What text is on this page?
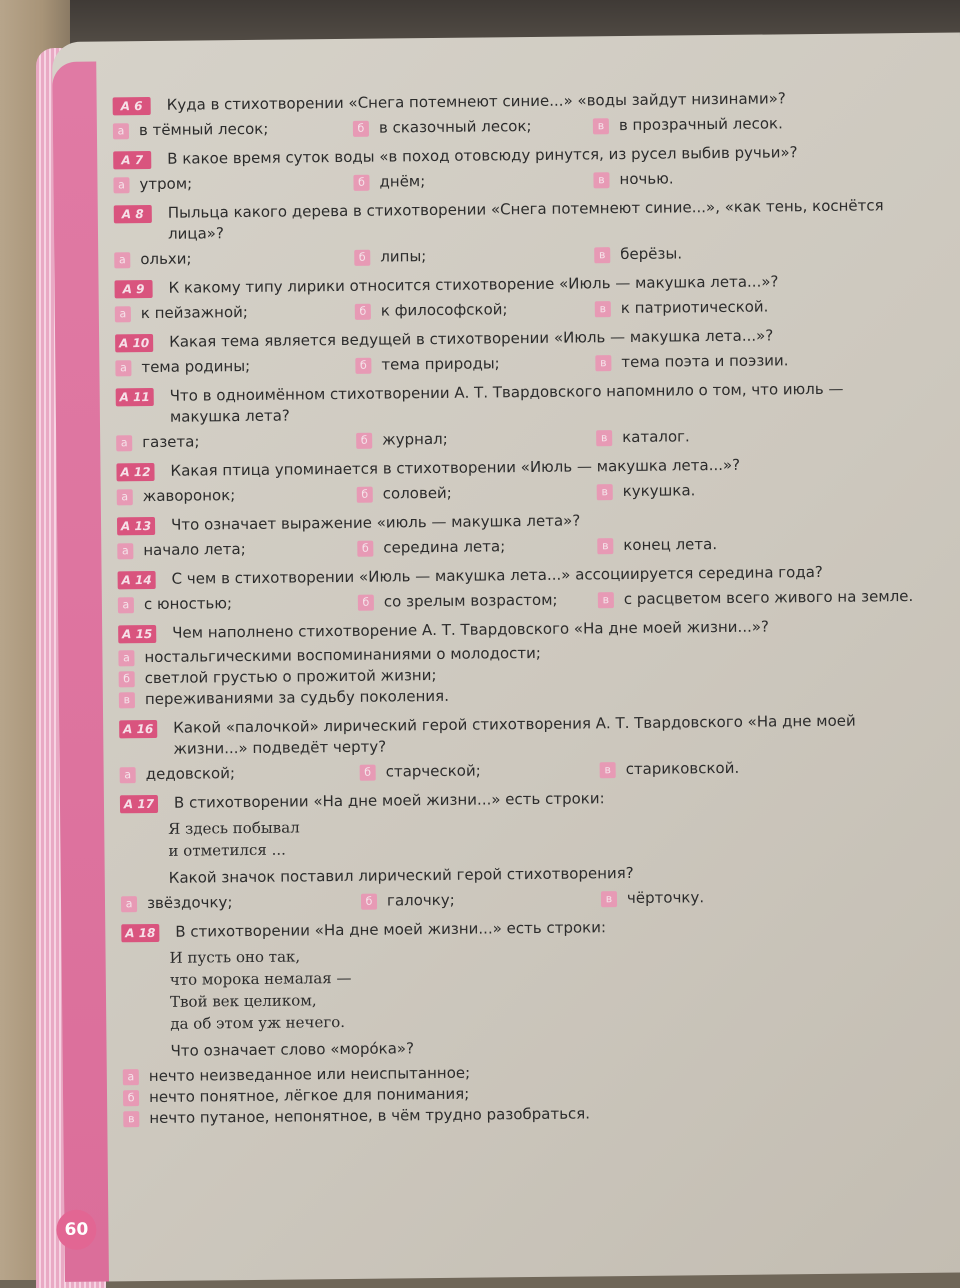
А 6	Куда в стихотворении «Снега потемнеют синие...» «воды зайдут низинами»?
а в тёмный лесок;	б в сказочный лесок;	в в прозрачный лесок.
А 7	В какое время суток воды «в поход отовсюду ринутся, из русел выбив ручьи»?
а утром;	б днём;	в ночью.
А 8	Пыльца какого дерева в стихотворении «Снега потемнеют синие...», «как тень, коснётся лица»?
а ольхи;	б липы;	в берёзы.
А 9	К какому типу лирики относится стихотворение «Июль — макушка лета...»?
а к пейзажной;	б к философской;	в к патриотической.
А 10 Какая тема является ведущей в стихотворении «Июль — макушка лета...»?
а тема родины;	б тема природы;	в тема поэта и поэзии.
А 11 Что в одноимённом стихотворении А. Т. Твардовского напомнило о том, что июль — макушка лета?
а газета;	б журнал;	в каталог.
А 12 Какая птица упоминается в стихотворении «Июль — макушка лета...»?
а жаворонок;	б соловей;	в кукушка.
А 13 Что означает выражение «июль — макушка лета»?
а начало лета;	б середина лета;	в конец лета.
А 14 С чем в стихотворении «Июль — макушка лета...» ассоциируется середина года?
а с юностью;	б со зрелым возрастом;	в с расцветом всего живого на земле.
А 15 Чем наполнено стихотворение А. Т. Твардовского «На дне моей жизни...»?
а ностальгическими воспоминаниями о молодости;
б светлой грустью о прожитой жизни;
в переживаниями за судьбу поколения.
А 16 Какой «палочкой» лирический герой стихотворения А. Т. Твардовского «На дне моей жизни...» подведёт черту?
а дедовской;	б старческой;	в стариковской.
А 17 В стихотворении «На дне моей жизни...» есть строки:
Я здесь побывал
и отметился ...
Какой значок поставил лирический герой стихотворения?
а звёздочку;	б галочку;	в чёрточку.
А 18 В стихотворении «На дне моей жизни...» есть строки:
И пусть оно так,
что морока немалая —
Твой век целиком,
да об этом уж нечего.
Что означает слово «морóка»?
а нечто неизведанное или неиспытанное;
б нечто понятное, лёгкое для понимания;
в нечто путаное, непонятное, в чём трудно разобраться.
60
